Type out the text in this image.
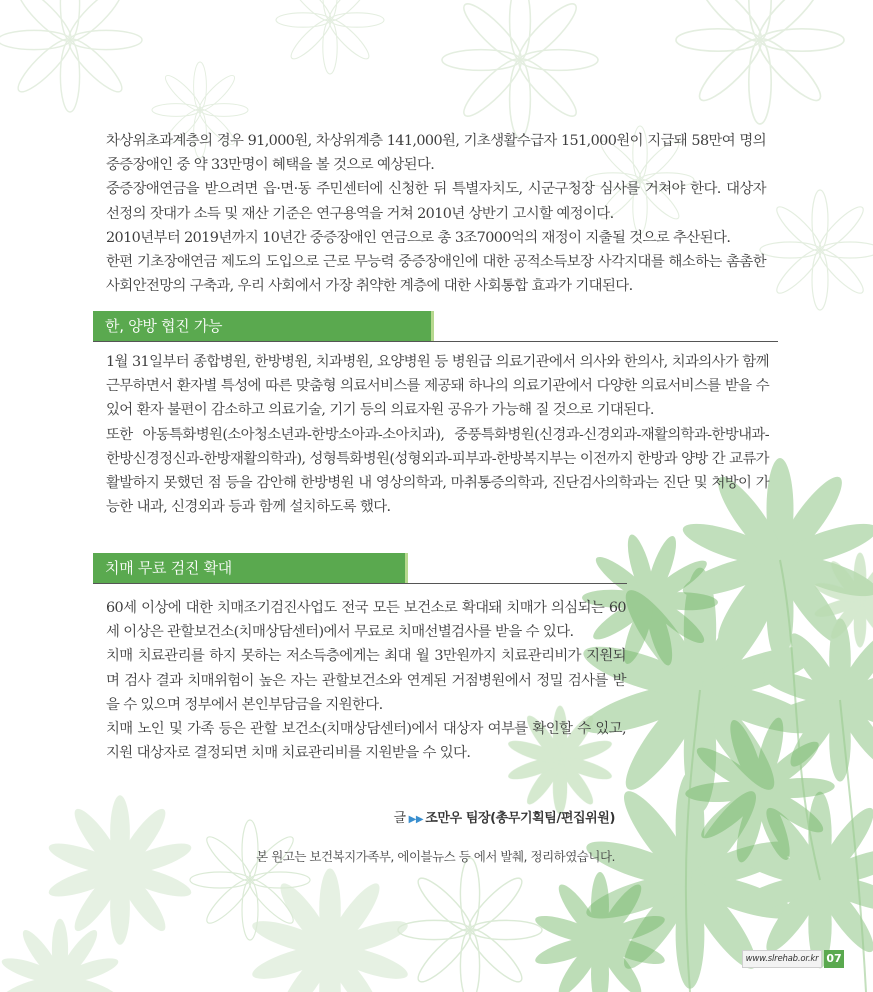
차상위초과계층의 경우 91,000원, 차상위계층 141,000원, 기초생활수급자 151,000원이 지급돼 58만여 명의 중증장애인 중 약 33만명이 혜택을 볼 것으로 예상된다.

중증장애연금을 받으려면 읍·면·동 주민센터에 신청한 뒤 특별자치도, 시군구청장 심사를 거쳐야 한다. 대상자 선정의 잣대가 소득 및 재산 기준은 연구용역을 거쳐 2010년 상반기 고시할 예정이다.

2010년부터 2019년까지 10년간 중증장애인 연금으로 총 3조7000억의 재정이 지출될 것으로 추산된다.

한편 기초장애연금 제도의 도입으로 근로 무능력 중증장애인에 대한 공적소득보장 사각지대를 해소하는 촘촘한 사회안전망의 구축과, 우리 사회에서 가장 취약한 계층에 대한 사회통합 효과가 기대된다.

한, 양방 협진 가능

1월 31일부터 종합병원, 한방병원, 치과병원, 요양병원 등 병원급 의료기관에서 의사와 한의사, 치과의사가 함께 근무하면서 환자별 특성에 따른 맞춤형 의료서비스를 제공돼 하나의 의료기관에서 다양한 의료서비스를 받을 수 있어 환자 불편이 감소하고 의료기술, 기기 등의 의료자원 공유가 가능해 질 것으로 기대된다.

또한 아동특화병원(소아청소년과-한방소아과-소아치과), 중풍특화병원(신경과-신경외과-재활의학과-한방내과-한방신경정신과-한방재활의학과), 성형특화병원(성형외과-피부과-한방복지부는 이전까지 한방과 양방 간 교류가 활발하지 못했던 점 등을 감안해 한방병원 내 영상의학과, 마취통증의학과, 진단검사의학과는 진단 및 처방이 가능한 내과, 신경외과 등과 함께 설치하도록 했다.

치매 무료 검진 확대

60세 이상에 대한 치매조기검진사업도 전국 모든 보건소로 확대돼 치매가 의심되는 60세 이상은 관할보건소(치매상담센터)에서 무료로 치매선별검사를 받을 수 있다.

치매 치료관리를 하지 못하는 저소득층에게는 최대 월 3만원까지 치료관리비가 지원되며 검사 결과 치매위험이 높은 자는 관할보건소와 연계된 거점병원에서 정밀 검사를 받을 수 있으며 정부에서 본인부담금을 지원한다.

치매 노인 및 가족 등은 관할 보건소(치매상담센터)에서 대상자 여부를 확인할 수 있고, 지원 대상자로 결정되면 치매 치료관리비를 지원받을 수 있다.

글 ▶▶ 조만우 팀장(총무기획팀/편집위원)
본 원고는 보건복지가족부, 에이블뉴스 등 에서 발췌, 정리하였습니다.
www.slrehab.or.kr 07
